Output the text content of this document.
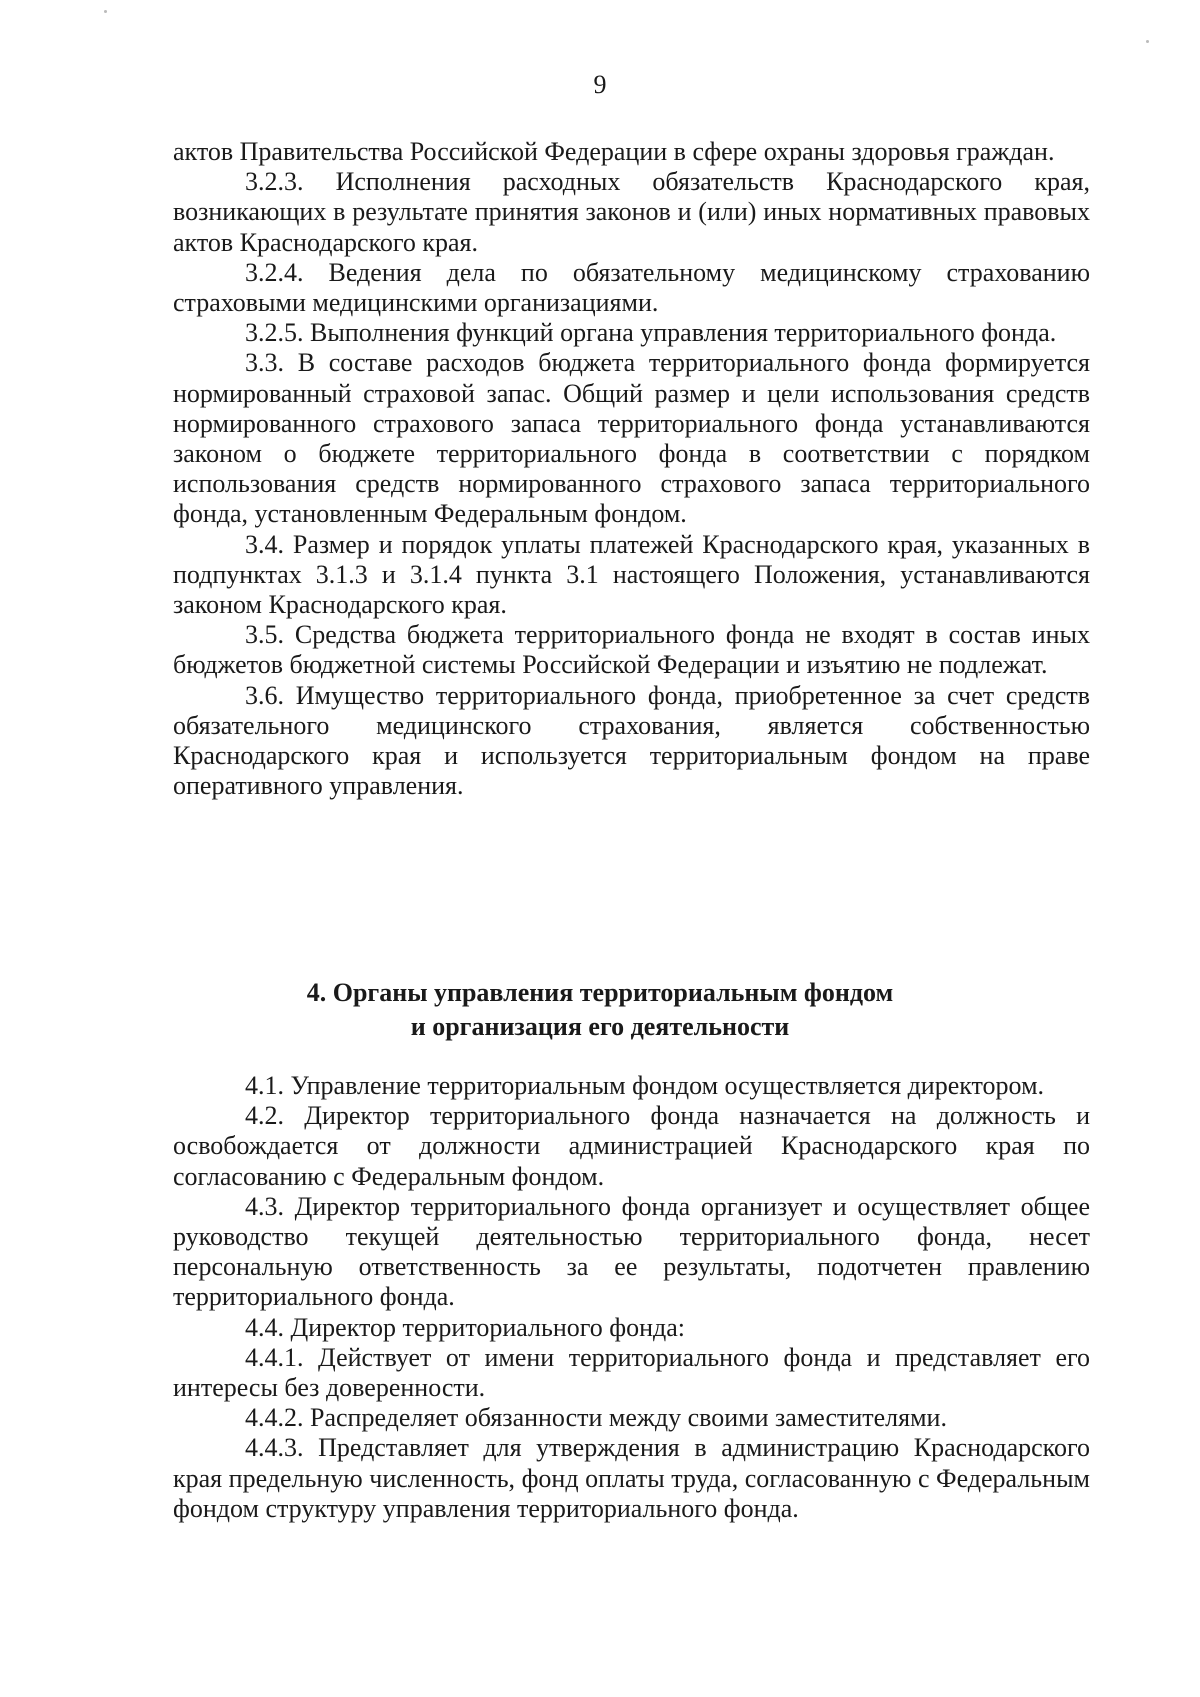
9

актов Правительства Российской Федерации в сфере охраны здоровья граждан.

3.2.3. Исполнения расходных обязательств Краснодарского края, возникающих в результате принятия законов и (или) иных нормативных правовых актов Краснодарского края.

3.2.4. Ведения дела по обязательному медицинскому страхованию страховыми медицинскими организациями.

3.2.5. Выполнения функций органа управления территориального фонда.

3.3. В составе расходов бюджета территориального фонда формируется нормированный страховой запас. Общий размер и цели использования средств нормированного страхового запаса территориального фонда устанавливаются законом о бюджете территориального фонда в соответствии с порядком использования средств нормированного страхового запаса территориального фонда, установленным Федеральным фондом.

3.4. Размер и порядок уплаты платежей Краснодарского края, указанных в подпунктах 3.1.3 и 3.1.4 пункта 3.1 настоящего Положения, устанавливаются законом Краснодарского края.

3.5. Средства бюджета территориального фонда не входят в состав иных бюджетов бюджетной системы Российской Федерации и изъятию не подлежат.

3.6. Имущество территориального фонда, приобретенное за счет средств обязательного медицинского страхования, является собственностью Краснодарского края и используется территориальным фондом на праве оперативного управления.

4. Органы управления территориальным фондом

и организация его деятельности

4.1. Управление территориальным фондом осуществляется директором.

4.2. Директор территориального фонда назначается на должность и освобождается от должности администрацией Краснодарского края по согласованию с Федеральным фондом.

4.3. Директор территориального фонда организует и осуществляет общее руководство текущей деятельностью территориального фонда, несет персональную ответственность за ее результаты, подотчетен правлению территориального фонда.

4.4. Директор территориального фонда:

4.4.1. Действует от имени территориального фонда и представляет его интересы без доверенности.

4.4.2. Распределяет обязанности между своими заместителями.

4.4.3. Представляет для утверждения в администрацию Краснодарского края предельную численность, фонд оплаты труда, согласованную с Федеральным фондом структуру управления территориального фонда.
